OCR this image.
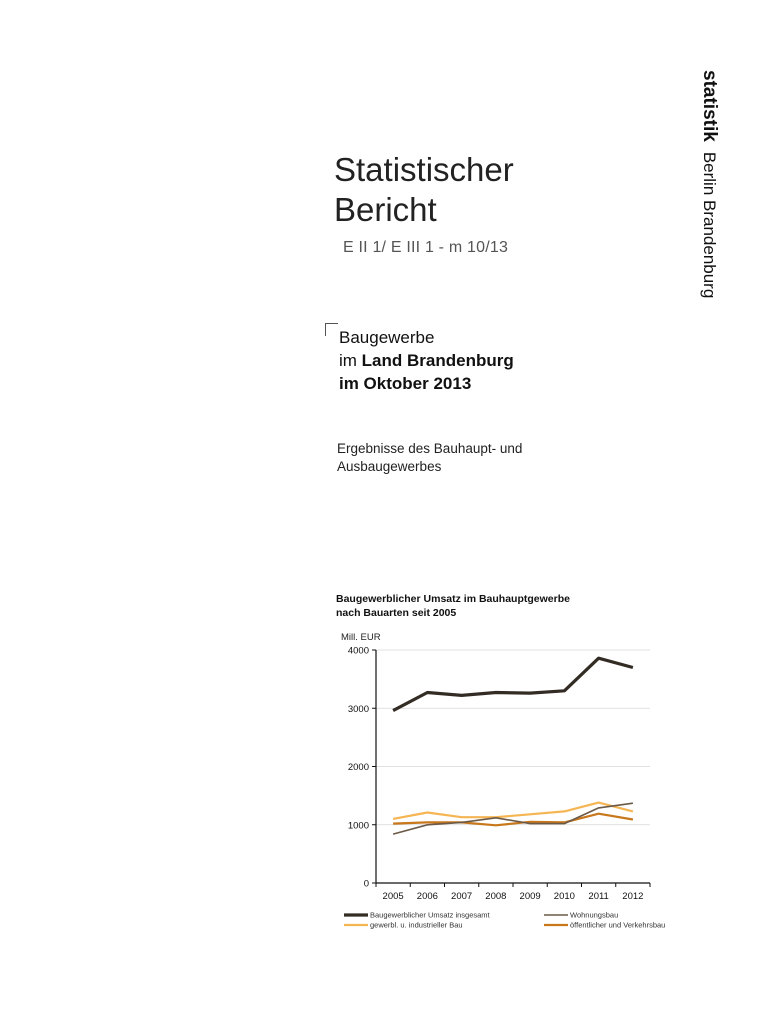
statistikBerlin Brandenburg
Statistischer
Bericht
E II 1/ E III 1 - m 10/13
Baugewerbe
im Land Brandenburg
im Oktober 2013
Ergebnisse des Bauhaupt- und
Ausbaugewerbes
Baugewerblicher Umsatz im Bauhauptgewerbe
nach Bauarten seit 2005
Mill. EUR
4000
3000
2000
1000
0
2005 2006 2007 2008 2009 2010 2011 2012
Baugewerblicher Umsatz insgesamt	Wohnungsbau
gewerbl. u. industrieller Bau	öffentlicher und Verkehrsbau
